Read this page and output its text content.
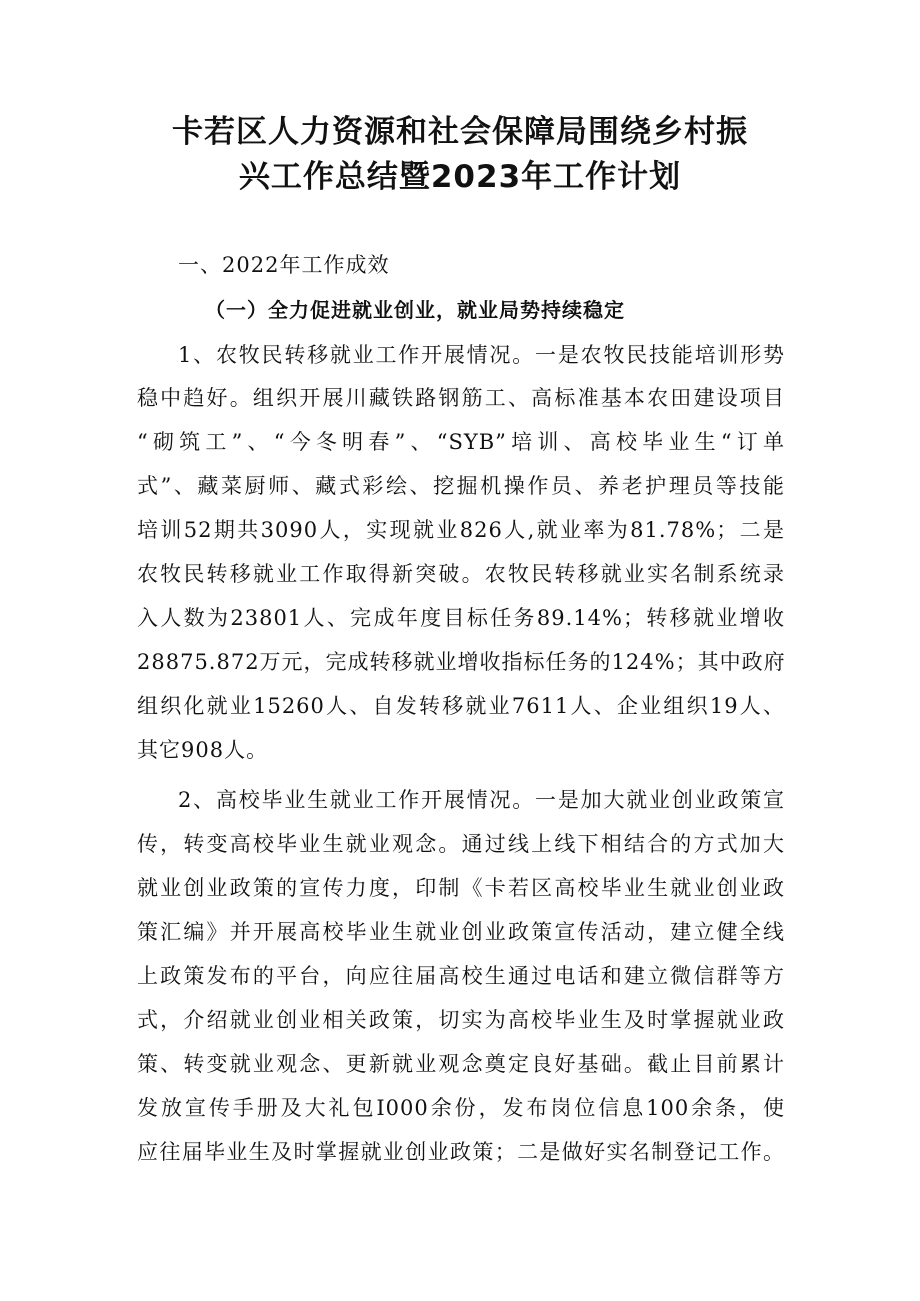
卡若区人力资源和社会保障局围绕乡村振
兴工作总结暨2023年工作计划

一、2022年工作成效

（一）全力促进就业创业，就业局势持续稳定

1、农牧民转移就业工作开展情况。一是农牧民技能培训形势

稳中趋好。组织开展川藏铁路钢筋工、高标准基本农田建设项目

“砌筑工”、“今冬明春”、“SYB”培训、高校毕业生“订单

式”、藏菜厨师、藏式彩绘、挖掘机操作员、养老护理员等技能

培训52期共3090人，实现就业826人,就业率为81.78%；二是

农牧民转移就业工作取得新突破。农牧民转移就业实名制系统录

入人数为23801人、完成年度目标任务89.14%；转移就业增收

28875.872万元，完成转移就业增收指标任务的124%；其中政府

组织化就业15260人、自发转移就业7611人、企业组织19人、

其它908人。

2、高校毕业生就业工作开展情况。一是加大就业创业政策宣

传，转变高校毕业生就业观念。通过线上线下相结合的方式加大

就业创业政策的宣传力度，印制《卡若区高校毕业生就业创业政

策汇编》并开展高校毕业生就业创业政策宣传活动，建立健全线

上政策发布的平台，向应往届高校生通过电话和建立微信群等方

式，介绍就业创业相关政策，切实为高校毕业生及时掌握就业政

策、转变就业观念、更新就业观念奠定良好基础。截止目前累计

发放宣传手册及大礼包I000余份，发布岗位信息100余条，使

应往届毕业生及时掌握就业创业政策；二是做好实名制登记工作。
